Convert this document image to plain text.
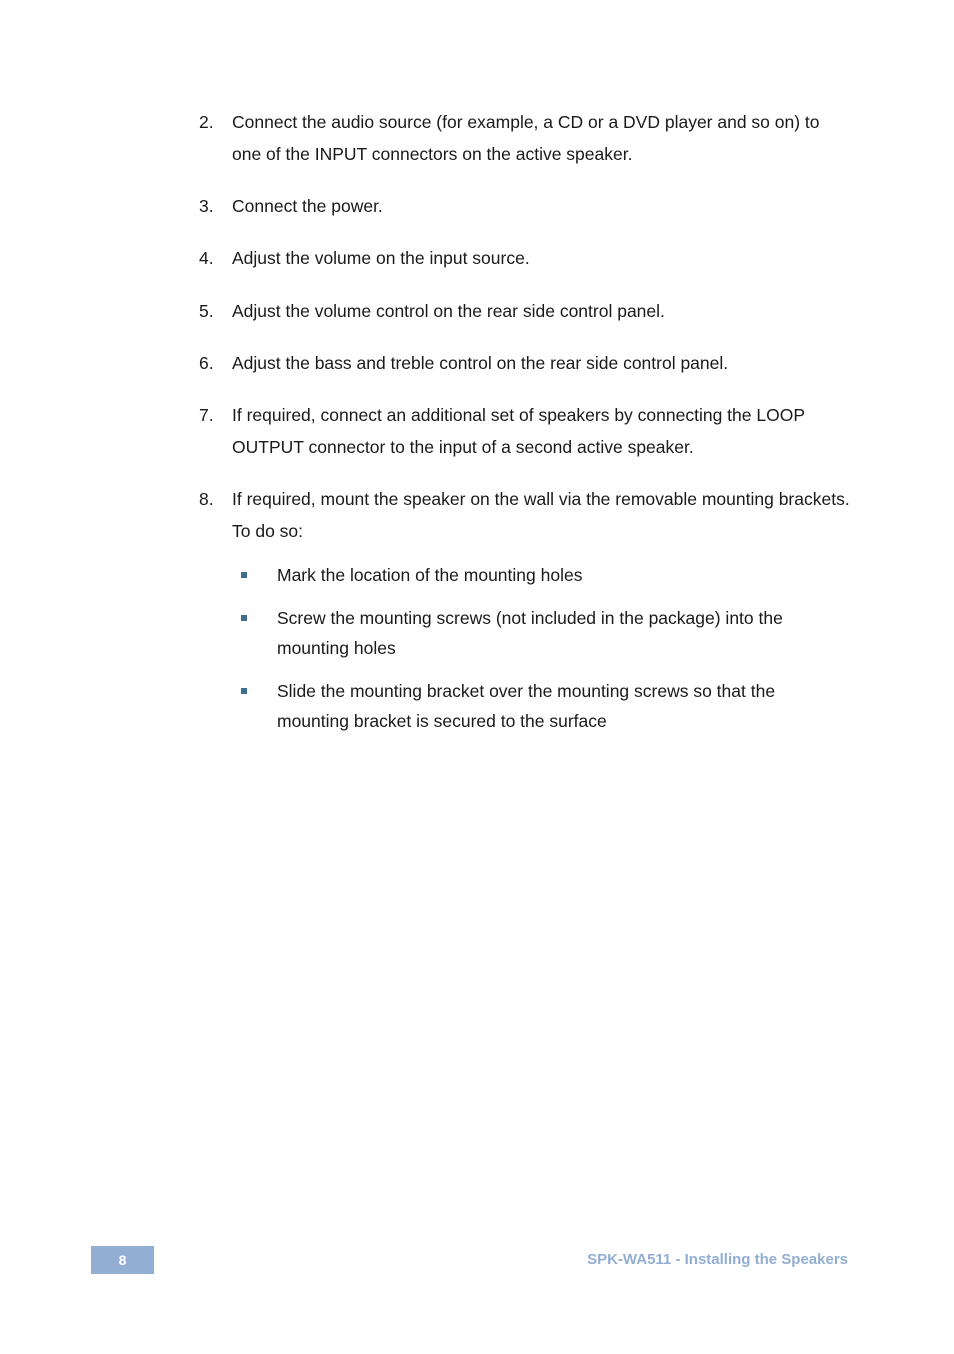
2. Connect the audio source (for example, a CD or a DVD player and so on) to one of the INPUT connectors on the active speaker.
3. Connect the power.
4. Adjust the volume on the input source.
5. Adjust the volume control on the rear side control panel.
6. Adjust the bass and treble control on the rear side control panel.
7. If required, connect an additional set of speakers by connecting the LOOP OUTPUT connector to the input of a second active speaker.
8. If required, mount the speaker on the wall via the removable mounting brackets. To do so:
Mark the location of the mounting holes
Screw the mounting screws (not included in the package) into the mounting holes
Slide the mounting bracket over the mounting screws so that the mounting bracket is secured to the surface
8	SPK-WA511 - Installing the Speakers
